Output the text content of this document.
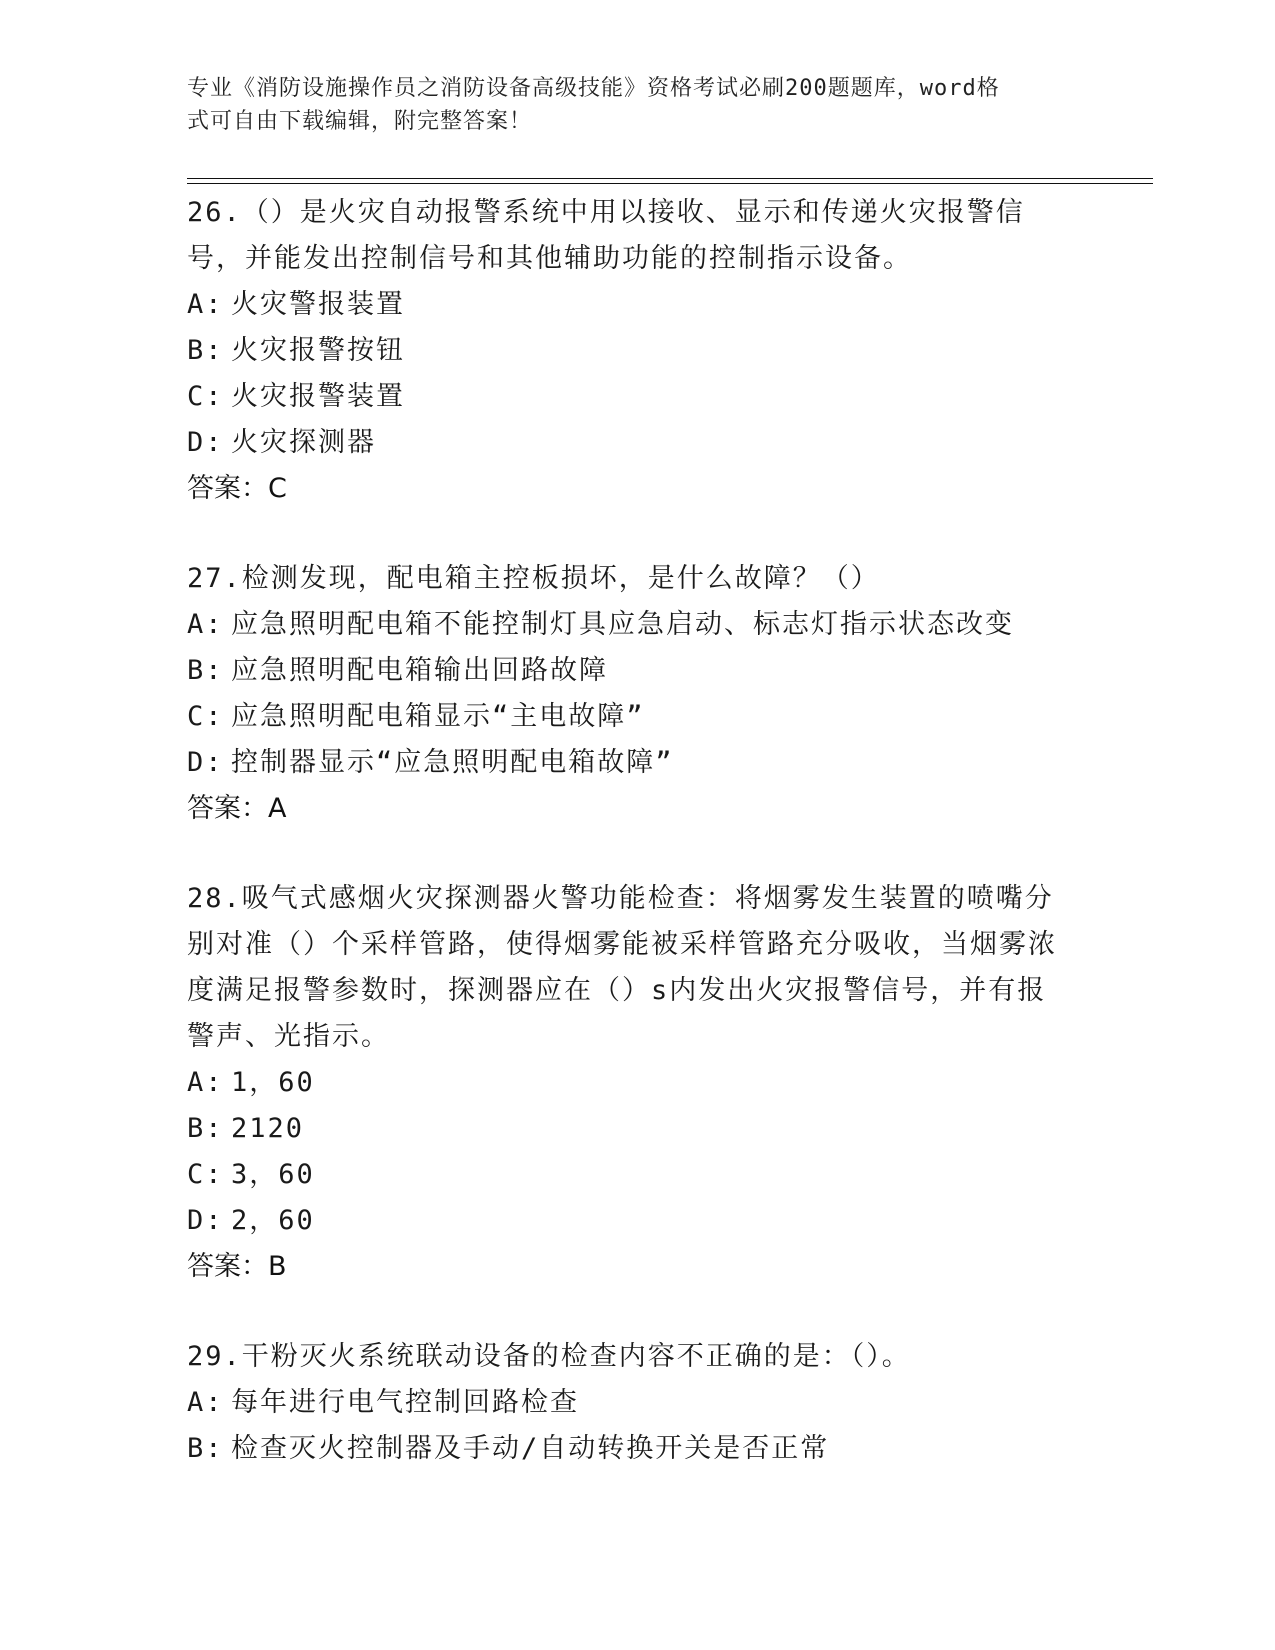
专业《消防设施操作员之消防设备高级技能》资格考试必刷200题题库，word格
式可自由下载编辑，附完整答案！
26.（）是火灾自动报警系统中用以接收、显示和传递火灾报警信号，并能发出控制信号和其他辅助功能的控制指示设备。
A: 火灾警报装置
B: 火灾报警按钮
C: 火灾报警装置
D: 火灾探测器
答案：C
27.检测发现，配电箱主控板损坏，是什么故障？（）
A: 应急照明配电箱不能控制灯具应急启动、标志灯指示状态改变
B: 应急照明配电箱输出回路故障
C: 应急照明配电箱显示“主电故障”
D: 控制器显示“应急照明配电箱故障”
答案：A
28.吸气式感烟火灾探测器火警功能检查：将烟雾发生装置的喷嘴分别对准（）个采样管路，使得烟雾能被采样管路充分吸收，当烟雾浓度满足报警参数时，探测器应在（）s内发出火灾报警信号，并有报警声、光指示。
A: 1，60
B: 2120
C: 3，60
D: 2，60
答案：B
29.干粉灭火系统联动设备的检查内容不正确的是：（）。
A: 每年进行电气控制回路检查
B: 检查灭火控制器及手动/自动转换开关是否正常
